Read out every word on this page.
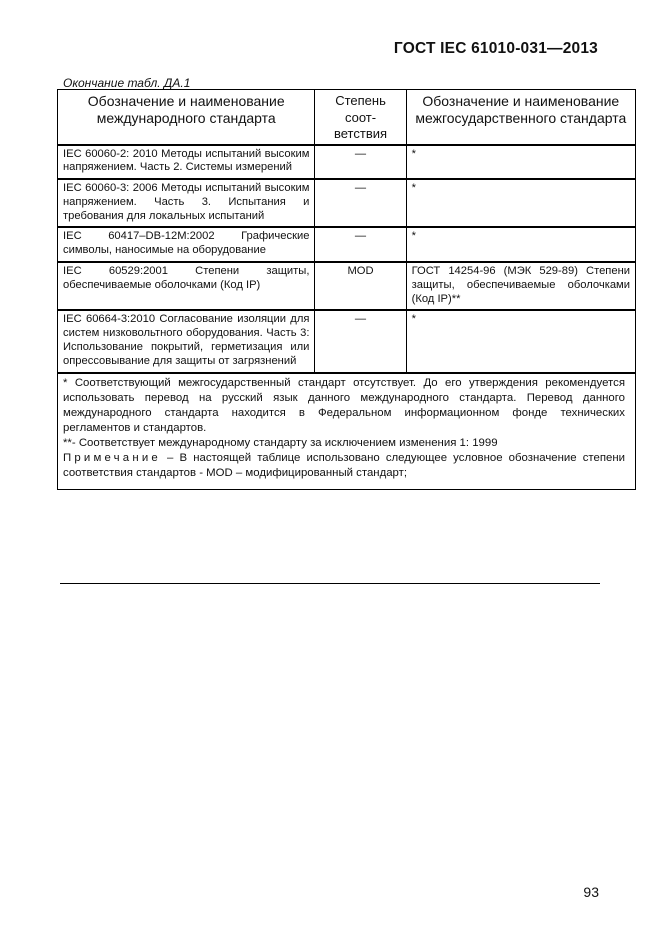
ГОСТ IEC 61010-031—2013
Окончание табл. ДА.1
Обозначение и наименование международного стандарта	Степень соот-ветствия	Обозначение и наименование межгосударственного стандарта
IEC 60060-2: 2010 Методы испытаний высоким напряжением. Часть 2. Системы измерений	—	*
IEC 60060-3: 2006 Методы испытаний высоким напряжением. Часть 3. Испытания и требования для локальных испытаний	—	*
IEC 60417–DB-12M:2002 Графические символы, наносимые на оборудование	—	*
IEC 60529:2001 Степени защиты, обеспечиваемые оболочками (Код IP)	MOD	ГОСТ 14254-96 (МЭК 529-89) Степени защиты, обеспечиваемые оболочками (Код IP)**
IEC 60664-3:2010 Согласование изоляции для систем низковольтного оборудования. Часть 3: Использование покрытий, герметизация или опрессовывание для защиты от загрязнений	—	*

* Соответствующий межгосударственный стандарт отсутствует. До его утверждения рекомендуется использовать перевод на русский язык данного международного стандарта. Перевод данного международного стандарта находится в Федеральном информационном фонде технических регламентов и стандартов.
**- Соответствует международному стандарту за исключением изменения 1: 1999
Примечание – В настоящей таблице использовано следующее условное обозначение степени соответствия стандартов - MOD – модифицированный стандарт;		
93
